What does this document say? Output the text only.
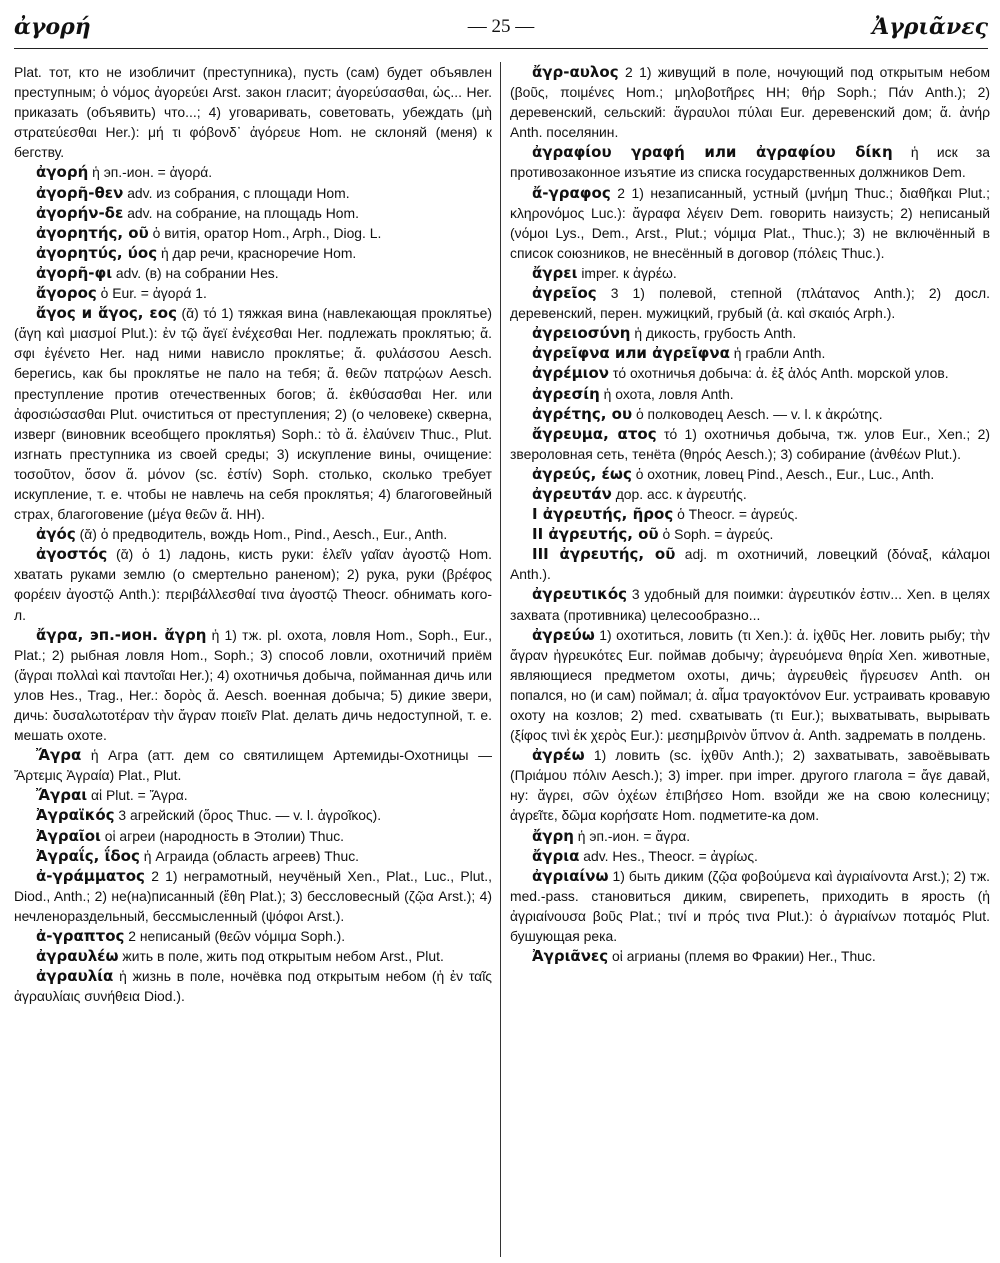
ἀγορή	— 25 —	Ἀγριᾶνες

Plat. тот, кто не изобличит (преступника), пусть (сам) будет объявлен преступным; ὁ νόμος ἀγορεύει Arst. закон гласит; ἀγορεύσασθαι, ὡς... Her. приказать (объявить) что...; 4) уговаривать, советовать, убеждать (μὴ στρατεύεσθαι Her.): μή τι φόβονδ᾽ ἀγόρευε Hom. не склоняй (меня) к бегству.

ἀγορή ἡ эп.-ион. = ἀγορά.

ἀγορῆ-θεν adv. из собрания, с площади Hom.

ἀγορήν-δε adv. на собрание, на площадь Hom.

ἀγορητής, οῦ ὁ витія, оратор Hom., Arph., Diog. L.

ἀγορητύς, ύος ἡ дар речи, красноречие Hom.

ἀγορῆ-φι adv. (в) на собрании Hes.

ἄγορος ὁ Eur. = ἀγορά 1.

ἄγος и ἅγος, εος (ᾰ) τό 1) тяжкая вина (навлекающая проклятье) (ἄγη καὶ μιασμοί Plut.): ἐν τῷ ἄγεϊ ἐνέχεσθαι Her. подлежать проклятью; ἄ. σφι ἐγένετο Her. над ними нависло проклятье; ἄ. φυλάσσου Aesch. берегись, как бы проклятье не пало на тебя; ἄ. θεῶν πατρῴων Aesch. преступление против отечественных богов; ἄ. ἐκθύσασθαι Her. или ἀφοσιώσασθαι Plut. очиститься от преступления; 2) (о человеке) скверна, изверг (виновник всеобщего проклятья) Soph.: τὸ ἄ. ἐλαύνειν Thuc., Plut. изгнать преступника из своей среды; 3) искупление вины, очищение: τοσοῦτον, ὅσον ἄ. μόνον (sc. ἐστίν) Soph. столько, сколько требует искупление, т. е. чтобы не навлечь на себя проклятья; 4) благоговейный страх, благоговение (μέγα θεῶν ἄ. HH).

ἀγός (ᾰ) ὁ предводитель, вождь Hom., Pind., Aesch., Eur., Anth.

ἀγοστός (ᾰ) ὁ 1) ладонь, кисть руки: ἑλεῖν γαῖαν ἀγοστῷ Hom. хватать руками землю (о смертельно раненом); 2) рука, руки (βρέφος φορέειν ἀγοστῷ Anth.): περιβάλλεσθαί τινα ἀγοστῷ Theocr. обнимать кого-л.

ἄγρα, эп.-ион. ἄγρη ἡ 1) тж. pl. охота, ловля Hom., Soph., Eur., Plat.; 2) рыбная ловля Hom., Soph.; 3) способ ловли, охотничий приём (ἄγραι πολλαὶ καὶ παντοῖαι Her.); 4) охотничья добыча, пойманная дичь или улов Hes., Trag., Her.: δορὸς ἄ. Aesch. военная добыча; 5) дикие звери, дичь: δυσαλωτοτέραν τὴν ἄγραν ποιεῖν Plat. делать дичь недоступной, т. е. мешать охоте.

Ἄγρα ἡ Агра (атт. дем со святилищем Артемиды-Охотницы — Ἄρτεμις Ἀγραία) Plat., Plut.

Ἄγραι αἱ Plut. = Ἄγρα.

Ἀγραϊκός 3 агрейский (ὅρος Thuc. — v. l. ἀγροῖκος).

Ἀγραῖοι οἱ агреи (народность в Этолии) Thuc.

Ἀγραΐς, ΐδος ἡ Аграида (область агреев) Thuc.

ἀ-γράμματος 2 1) неграмотный, неучёный Xen., Plat., Luc., Plut., Diod., Anth.; 2) не(на)писанный (ἔθη Plat.); 3) бессловесный (ζῷα Arst.); 4) нечленораздельный, бессмысленный (ψόφοι Arst.).

ἀ-γραπτος 2 неписаный (θεῶν νόμιμα Soph.).

ἀγραυλέω жить в поле, жить под открытым небом Arst., Plut.

ἀγραυλία ἡ жизнь в поле, ночёвка под открытым небом (ἡ ἐν ταῖς ἀγραυλίαις συνήθεια Diod.).

ἄγρ-αυλος 2 1) живущий в поле, ночующий под открытым небом (βοῦς, ποιμένες Hom.; μηλοβοτῆρες HH; θήρ Soph.; Πάν Anth.); 2) деревенский, сельский: ἄγραυλοι πύλαι Eur. деревенский дом; ἄ. ἀνήρ Anth. поселянин.

ἀγραφίου γραφή или ἀγραφίου δίκη ἡ иск за противозаконное изъятие из списка государственных должников Dem.

ἄ-γραφος 2 1) незаписанный, устный (μνήμη Thuc.; διαθῆκαι Plut.; κληρονόμος Luc.): ἄγραφα λέγειν Dem. говорить наизусть; 2) неписаный (νόμοι Lys., Dem., Arst., Plut.; νόμιμα Plat., Thuc.); 3) не включённый в список союзников, не внесённый в договор (πόλεις Thuc.).

ἄγρει imper. к ἀγρέω.

ἀγρεῖος 3 1) полевой, степной (πλάτανος Anth.); 2) досл. деревенский, перен. мужицкий, грубый (ἀ. καὶ σκαιός Arph.).

ἀγρειοσύνη ἡ дикость, грубость Anth.

ἀγρεῖφνα или ἀγρεῖφνα ἡ грабли Anth.

ἀγρέμιον τό охотничья добыча: ἀ. ἐξ ἁλός Anth. морской улов.

ἀγρεσίη ἡ охота, ловля Anth.

ἀγρέτης, ου ὁ полководец Aesch. — v. l. к ἀκρώτης.

ἄγρευμα, ατος τό 1) охотничья добыча, тж. улов Eur., Xen.; 2) звероловная сеть, тенёта (θηρός Aesch.); 3) собирание (ἀνθέων Plut.).

ἀγρεύς, έως ὁ охотник, ловец Pind., Aesch., Eur., Luc., Anth.

ἀγρευτάν дор. acc. к ἀγρευτής.

I ἀγρευτής, ῆρος ὁ Theocr. = ἀγρεύς.

II ἀγρευτής, οῦ ὁ Soph. = ἀγρεύς.

III ἀγρευτής, οῦ adj. m охотничий, ловецкий (δόναξ, κάλαμοι Anth.).

ἀγρευτικός 3 удобный для поимки: ἀγρευτικόν ἐστιν... Xen. в целях захвата (противника) целесообразно...

ἀγρεύω 1) охотиться, ловить (τι Xen.): ἀ. ἰχθῦς Her. ловить рыбу; τὴν ἄγραν ἠγρευκότες Eur. поймав добычу; ἀγρευόμενα θηρία Xen. животные, являющиеся предметом охоты, дичь; ἀγρευθεὶς ἤγρευσεν Anth. он попался, но (и сам) поймал; ἀ. αἷμα τραγοκτόνον Eur. устраивать кровавую охоту на козлов; 2) med. схватывать (τι Eur.); выхватывать, вырывать (ξίφος τινὶ ἐκ χερὸς Eur.): μεσημβρινὸν ὕπνον ἀ. Anth. задремать в полдень.

ἀγρέω 1) ловить (sc. ἰχθῦν Anth.); 2) захватывать, завоёвывать (Πριάμου πόλιν Aesch.); 3) imper. при imper. другого глагола = ἄγε давай, ну: ἄγρει, σῶν ὀχέων ἐπιβήσεο Hom. взойди же на свою колесницу; ἀγρεῖτε, δῶμα κορήσατε Hom. подметите-ка дом.

ἄγρη ἡ эп.-ион. = ἄγρα.

ἄγρια adv. Hes., Theocr. = ἀγρίως.

ἀγριαίνω 1) быть диким (ζῷα φοβούμενα καὶ ἀγριαίνοντα Arst.); 2) тж. med.-pass. становиться диким, свирепеть, приходить в ярость (ἡ ἀγριαίνουσα βοῦς Plat.; τινί и πρός τινα Plut.): ὁ ἀγριαίνων ποταμός Plut. бушующая река.

Ἀγριᾶνες οἱ агрианы (племя во Фракии) Her., Thuc.
